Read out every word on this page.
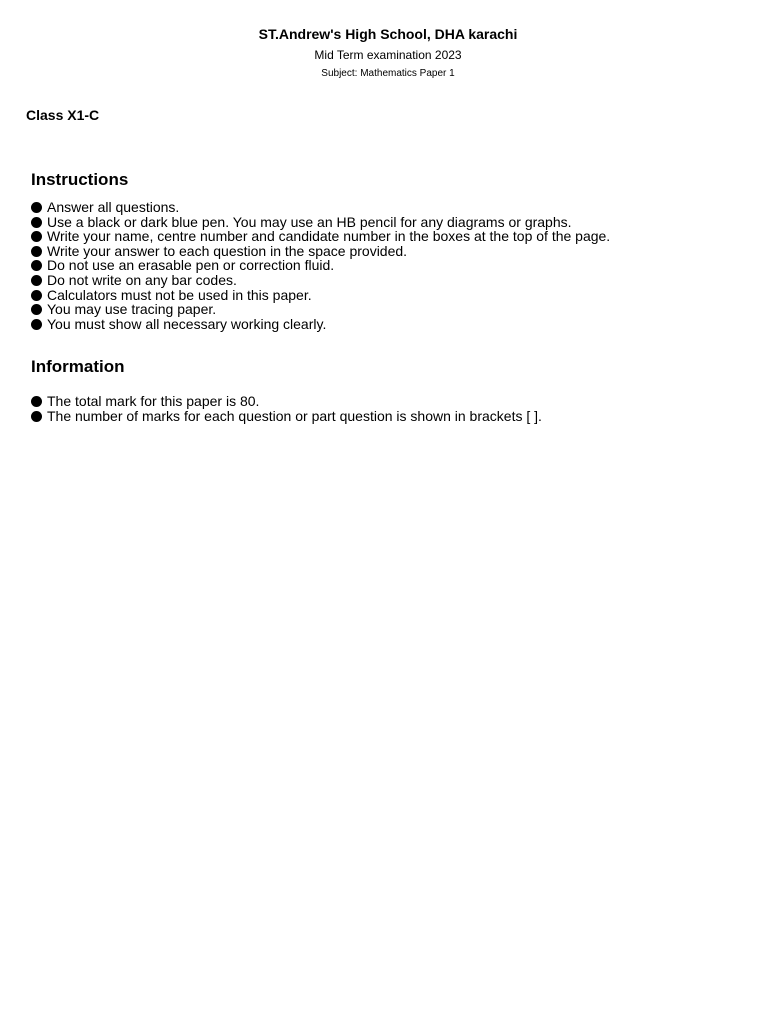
ST.Andrew's High School, DHA karachi
Mid Term examination 2023
Subject: Mathematics Paper 1
Class X1-C
Instructions
Answer all questions.
Use a black or dark blue pen. You may use an HB pencil for any diagrams or graphs.
Write your name, centre number and candidate number in the boxes at the top of the page.
Write your answer to each question in the space provided.
Do not use an erasable pen or correction fluid.
Do not write on any bar codes.
Calculators must not be used in this paper.
You may use tracing paper.
You must show all necessary working clearly.
Information
The total mark for this paper is 80.
The number of marks for each question or part question is shown in brackets [ ].
